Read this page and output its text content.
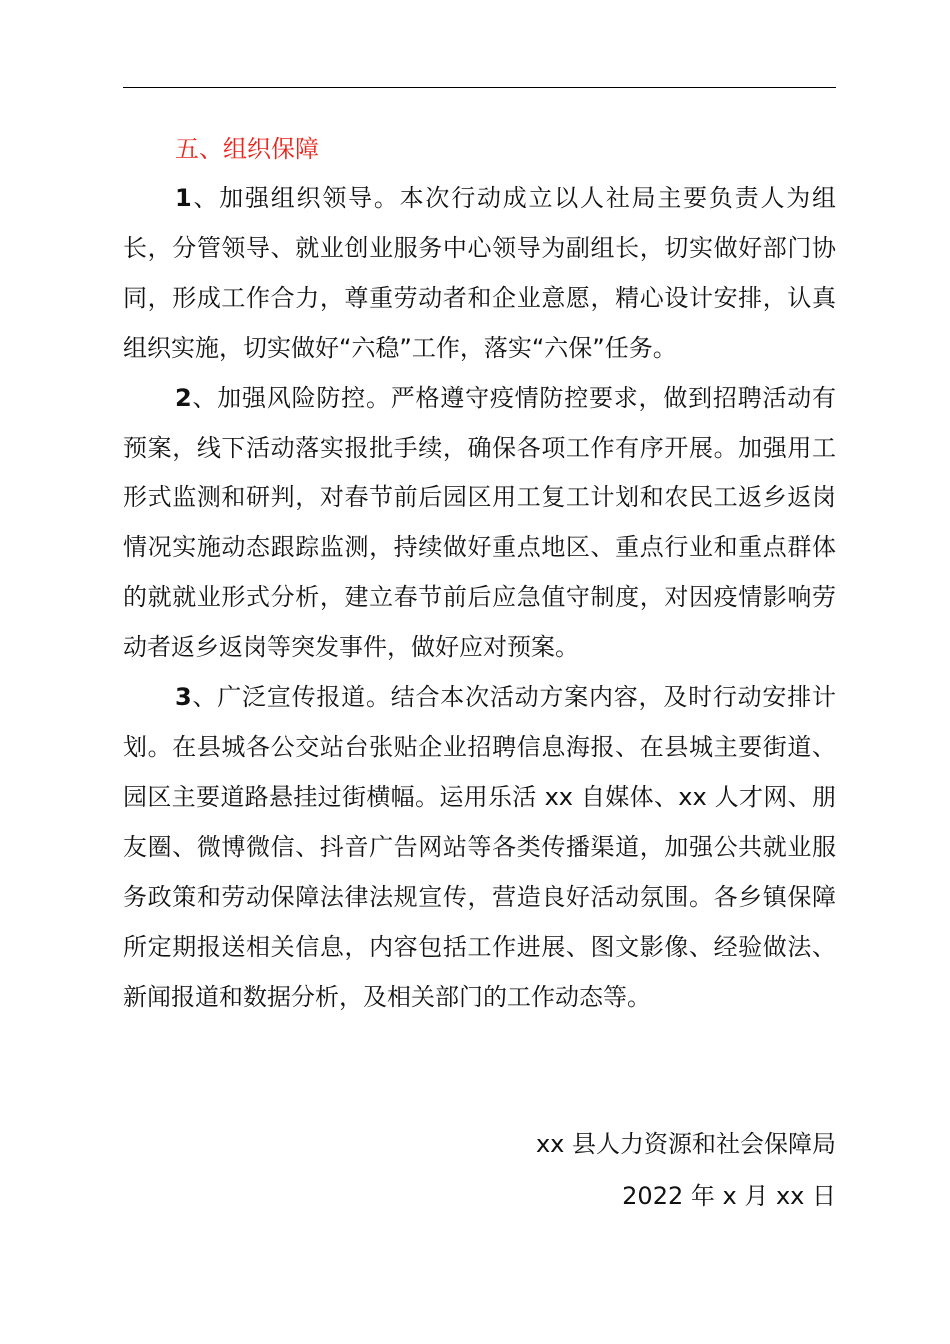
五、组织保障

1、加强组织领导。本次行动成立以人社局主要负责人为组长，分管领导、就业创业服务中心领导为副组长，切实做好部门协同，形成工作合力，尊重劳动者和企业意愿，精心设计安排，认真组织实施，切实做好“六稳”工作，落实“六保”任务。

2、加强风险防控。严格遵守疫情防控要求，做到招聘活动有预案，线下活动落实报批手续，确保各项工作有序开展。加强用工形式监测和研判，对春节前后园区用工复工计划和农民工返乡返岗情况实施动态跟踪监测，持续做好重点地区、重点行业和重点群体的就就业形式分析，建立春节前后应急值守制度，对因疫情影响劳动者返乡返岗等突发事件，做好应对预案。

3、广泛宣传报道。结合本次活动方案内容，及时行动安排计划。在县城各公交站台张贴企业招聘信息海报、在县城主要街道、园区主要道路悬挂过街横幅。运用乐活 xx 自媒体、xx 人才网、朋友圈、微博微信、抖音广告网站等各类传播渠道，加强公共就业服务政策和劳动保障法律法规宣传，营造良好活动氛围。各乡镇保障所定期报送相关信息，内容包括工作进展、图文影像、经验做法、新闻报道和数据分析，及相关部门的工作动态等。

xx 县人力资源和社会保障局
2022 年 x 月 xx 日
